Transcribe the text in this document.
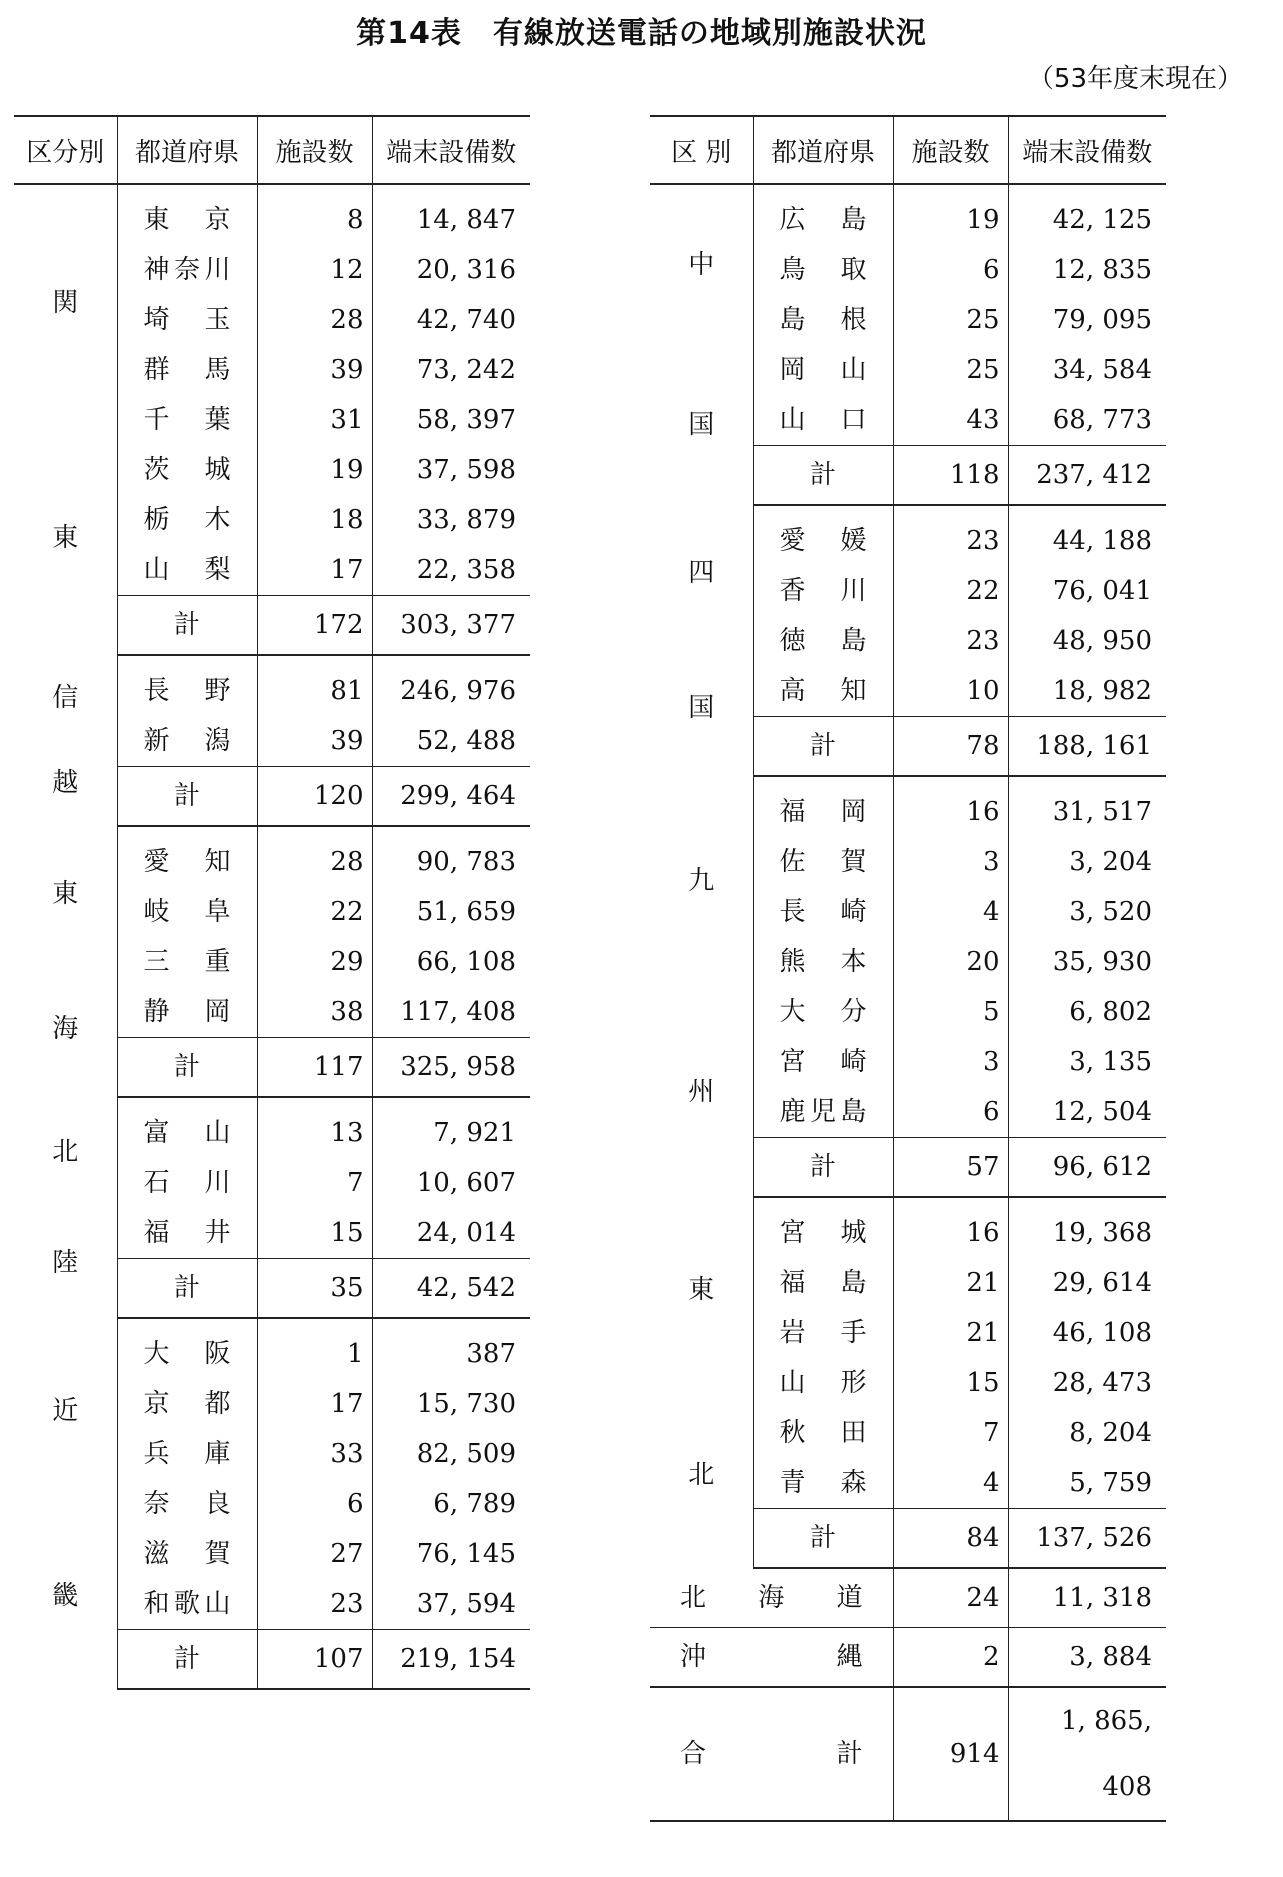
第14表　有線放送電話の地域別施設状況
（53年度末現在）
区分別	都道府県	施設数	端末設備数

関
東	東京	8	14, 847
	神奈川	12	20, 316
	埼玉	28	42, 740
	群馬	39	73, 242
	千葉	31	58, 397
	茨城	19	37, 598
	栃木	18	33, 879
	山梨	17	22, 358
	計	172	303, 377

信
越	長野	81	246, 976
	新潟	39	52, 488
	計	120	299, 464

東
海	愛知	28	90, 783
	岐阜	22	51, 659
	三重	29	66, 108
	静岡	38	117, 408
	計	117	325, 958

北
陸	富山	13	7, 921
	石川	7	10, 607
	福井	15	24, 014
	計	35	42, 542

近
畿	大阪	1	387
	京都	17	15, 730
	兵庫	33	82, 509
	奈良	6	6, 789
	滋賀	27	76, 145
	和歌山	23	37, 594
	計	107	219, 154
区 別	都道府県	施設数	端末設備数

中
国	広島	19	42, 125
	鳥取	6	12, 835
	島根	25	79, 095
	岡山	25	34, 584
	山口	43	68, 773
	計	118	237, 412

四
国	愛媛	23	44, 188
	香川	22	76, 041
	徳島	23	48, 950
	高知	10	18, 982
	計	78	188, 161

九
州	福岡	16	31, 517
	佐賀	3	3, 204
	長崎	4	3, 520
	熊本	20	35, 930
	大分	5	6, 802
	宮崎	3	3, 135
	鹿児島	6	12, 504
	計	57	96, 612

東
北	宮城	16	19, 368
	福島	21	29, 614
	岩手	21	46, 108
	山形	15	28, 473
	秋田	7	8, 204
	青森	4	5, 759
	計	84	137, 526
北海道		24	11, 318
沖縄		2	3, 884
合計		914	1, 865, 408
